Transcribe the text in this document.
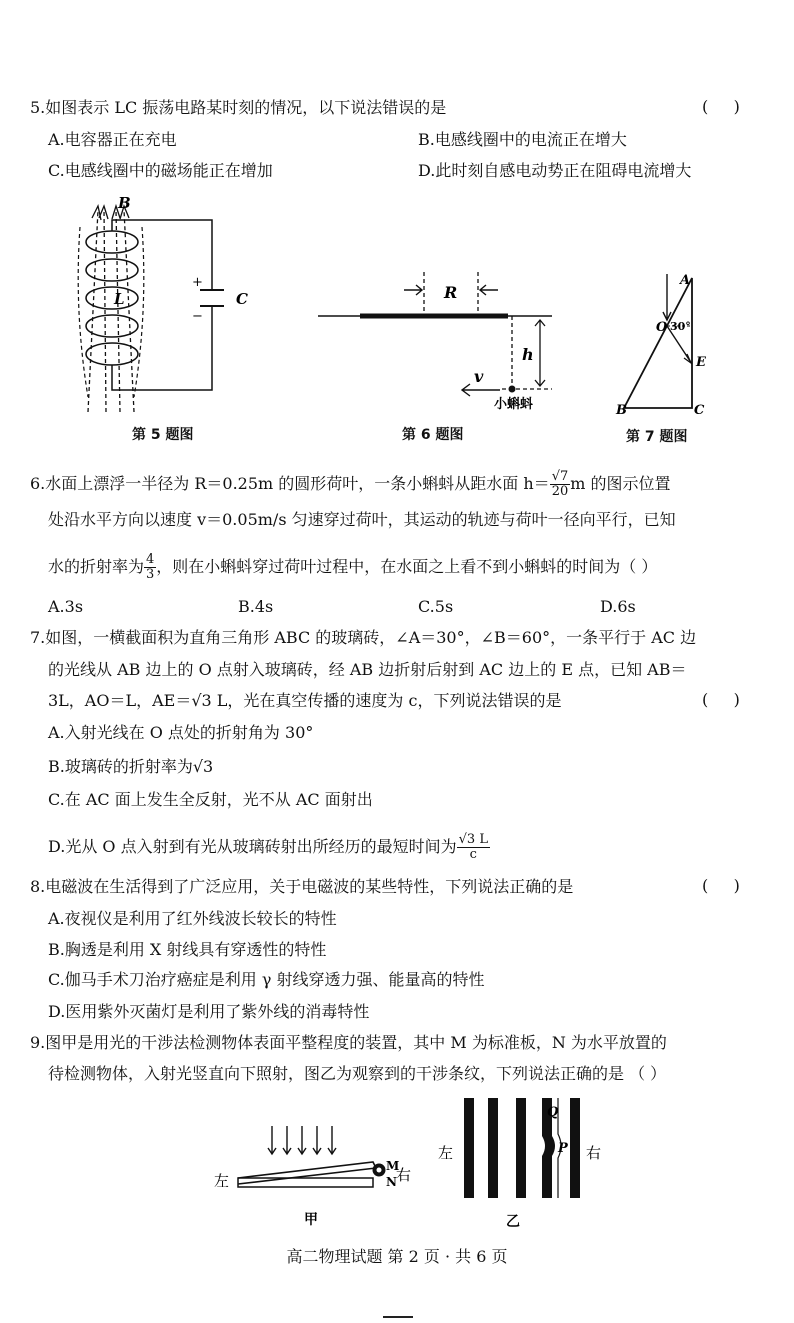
5.如图表示 LC 振荡电路某时刻的情况，以下说法错误的是	(     )
A.电容器正在充电	B.电感线圈中的电流正在增大
C.电感线圈中的磁场能正在增加	D.此时刻自感电动势正在阻碍电流增大
B
L
+
−
C	R
h
v
小蝌蚪
A
O 30°
E
B	C
第 5 题图	第 6 题图	第 7 题图
6.水面上漂浮一半径为 R＝0.25m 的圆形荷叶，一条小蝌蚪从距水面 $h= \frac{√7}{20}$ m 的图示位置
处沿水平方向以速度 v＝0.05m/s 匀速穿过荷叶，其运动的轨迹与荷叶一径向平行，已知
水的折射率为 $\frac{4}{3}$ ，则在小蝌蚪穿过荷叶过程中，在水面之上看不到小蝌蚪的时间为（ ）
A.3s	B.4s	C.5s	D.6s
7.如图，一横截面积为直角三角形 ABC 的玻璃砖，∠A＝30°，∠B＝60°，一条平行于 AC 边
的光线从 AB 边上的 O 点射入玻璃砖，经 AB 边折射后射到 AC 边上的 E 点，已知 AB＝
3L，AO＝L，AE＝√3 L，光在真空传播的速度为 c，下列说法错误的是	(     )
A.入射光线在 O 点处的折射角为 30°
B.玻璃砖的折射率为√3
C.在 AC 面上发生全反射，光不从 AC 面射出
D.光从 O 点入射到有光从玻璃砖射出所经历的最短时间为 $\frac{√3 L}{c}$
8.电磁波在生活得到了广泛应用，关于电磁波的某些特性，下列说法正确的是	(     )
A.夜视仪是利用了红外线波长较长的特性
B.胸透是利用 X 射线具有穿透性的特性
C.伽马手术刀治疗癌症是利用 γ 射线穿透力强、能量高的特性
D.医用紫外灭菌灯是利用了紫外线的消毒特性
9.图甲是用光的干涉法检测物体表面平整程度的装置，其中 M 为标准板，N 为水平放置的
待检测物体，入射光竖直向下照射，图乙为观察到的干涉条纹，下列说法正确的是 （ ）
左
M
N 右
甲
左
Q
P 右
乙
高二物理试题 第 2 页 · 共 6 页
